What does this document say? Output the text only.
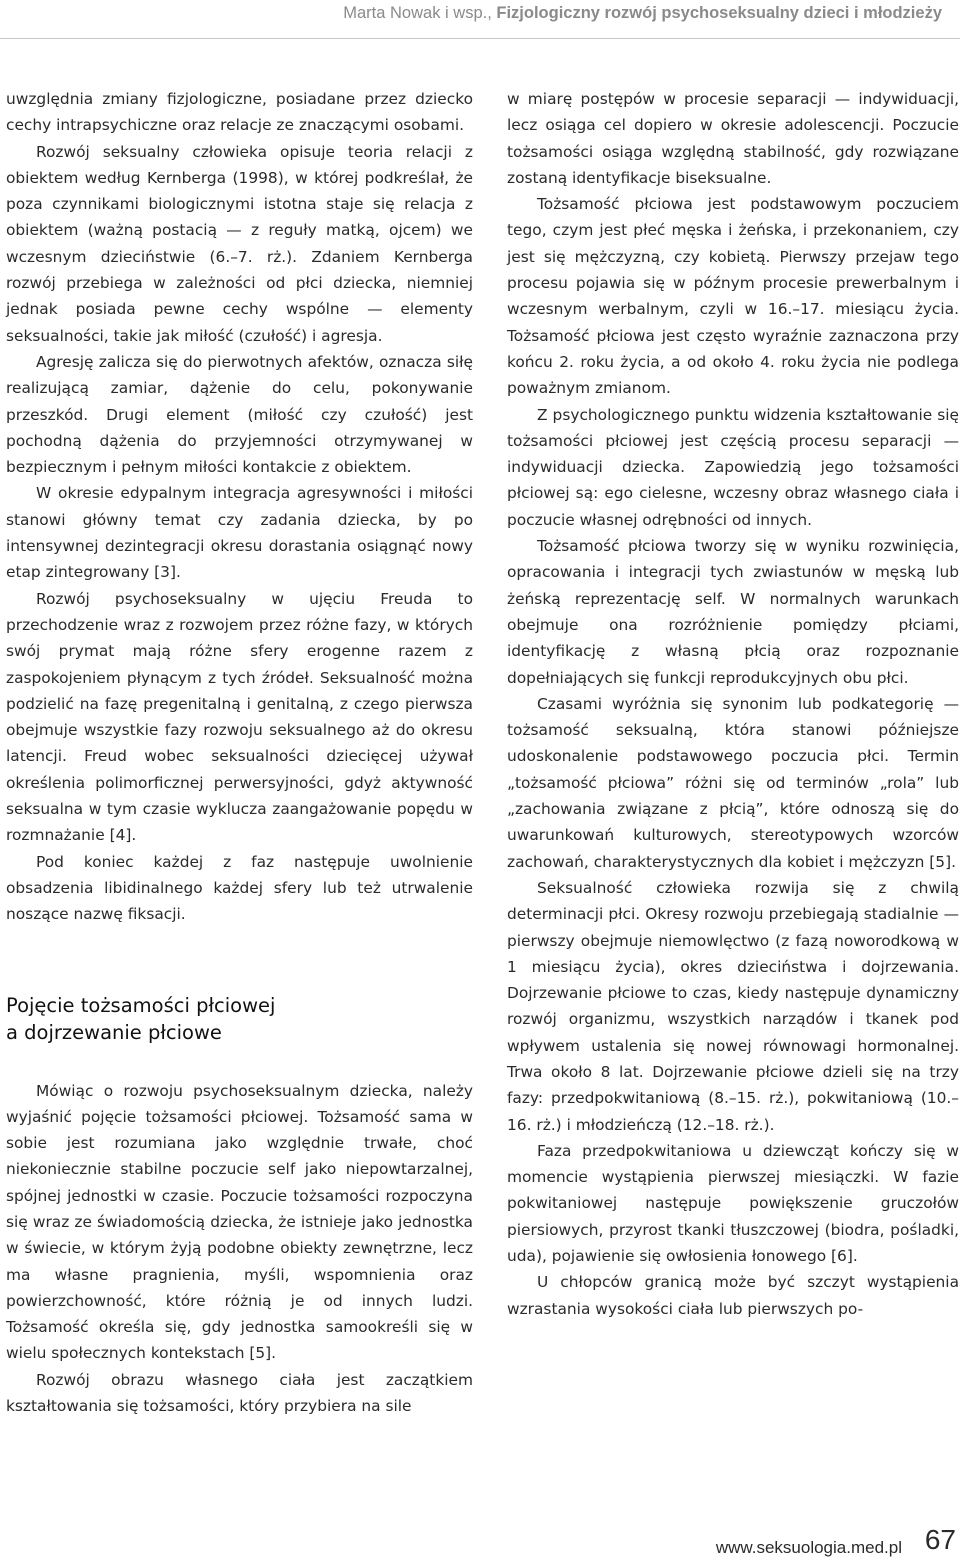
Marta Nowak i wsp., Fizjologiczny rozwój psychoseksualny dzieci i młodzieży

uwzględnia zmiany fizjologiczne, posiadane przez dziecko cechy intrapsychiczne oraz relacje ze znaczącymi osobami.

Rozwój seksualny człowieka opisuje teoria relacji z obiektem według Kernberga (1998), w której podkreślał, że poza czynnikami biologicznymi istotna staje się relacja z obiektem (ważną postacią — z reguły matką, ojcem) we wczesnym dzieciństwie (6.–7. rż.). Zdaniem Kernberga rozwój przebiega w zależności od płci dziecka, niemniej jednak posiada pewne cechy wspólne — elementy seksualności, takie jak miłość (czułość) i agresja.

Agresję zalicza się do pierwotnych afektów, oznacza siłę realizującą zamiar, dążenie do celu, pokonywanie przeszkód. Drugi element (miłość czy czułość) jest pochodną dążenia do przyjemności otrzymywanej w bezpiecznym i pełnym miłości kontakcie z obiektem.

W okresie edypalnym integracja agresywności i miłości stanowi główny temat czy zadania dziecka, by po intensywnej dezintegracji okresu dorastania osiągnąć nowy etap zintegrowany [3].

Rozwój psychoseksualny w ujęciu Freuda to przechodzenie wraz z rozwojem przez różne fazy, w których swój prymat mają różne sfery erogenne razem z zaspokojeniem płynącym z tych źródeł. Seksualność można podzielić na fazę pregenitalną i genitalną, z czego pierwsza obejmuje wszystkie fazy rozwoju seksualnego aż do okresu latencji. Freud wobec seksualności dziecięcej używał określenia polimorficznej perwersyjności, gdyż aktywność seksualna w tym czasie wyklucza zaangażowanie popędu w rozmnażanie [4].

Pod koniec każdej z faz następuje uwolnienie obsadzenia libidinalnego każdej sfery lub też utrwalenie noszące nazwę fiksacji.

Pojęcie tożsamości płciowej
a dojrzewanie płciowe

Mówiąc o rozwoju psychoseksualnym dziecka, należy wyjaśnić pojęcie tożsamości płciowej. Tożsamość sama w sobie jest rozumiana jako względnie trwałe, choć niekoniecznie stabilne poczucie self jako niepowtarzalnej, spójnej jednostki w czasie. Poczucie tożsamości rozpoczyna się wraz ze świadomością dziecka, że istnieje jako jednostka w świecie, w którym żyją podobne obiekty zewnętrzne, lecz ma własne pragnienia, myśli, wspomnienia oraz powierzchowność, które różnią je od innych ludzi. Tożsamość określa się, gdy jednostka samookreśli się w wielu społecznych kontekstach [5].

Rozwój obrazu własnego ciała jest zaczątkiem kształtowania się tożsamości, który przybiera na sile

w miarę postępów w procesie separacji — indywiduacji, lecz osiąga cel dopiero w okresie adolescencji. Poczucie tożsamości osiąga względną stabilność, gdy rozwiązane zostaną identyfikacje biseksualne.

Tożsamość płciowa jest podstawowym poczuciem tego, czym jest płeć męska i żeńska, i przekonaniem, czy jest się mężczyzną, czy kobietą. Pierwszy przejaw tego procesu pojawia się w późnym procesie prewerbalnym i wczesnym werbalnym, czyli w 16.–17. miesiącu życia. Tożsamość płciowa jest często wyraźnie zaznaczona przy końcu 2. roku życia, a od około 4. roku życia nie podlega poważnym zmianom.

Z psychologicznego punktu widzenia kształtowanie się tożsamości płciowej jest częścią procesu separacji — indywiduacji dziecka. Zapowiedzią jego tożsamości płciowej są: ego cielesne, wczesny obraz własnego ciała i poczucie własnej odrębności od innych.

Tożsamość płciowa tworzy się w wyniku rozwinięcia, opracowania i integracji tych zwiastunów w męską lub żeńską reprezentację self. W normalnych warunkach obejmuje ona rozróżnienie pomiędzy płciami, identyfikację z własną płcią oraz rozpoznanie dopełniających się funkcji reprodukcyjnych obu płci.

Czasami wyróżnia się synonim lub podkategorię — tożsamość seksualną, która stanowi późniejsze udoskonalenie podstawowego poczucia płci. Termin „tożsamość płciowa” różni się od terminów „rola” lub „zachowania związane z płcią”, które odnoszą się do uwarunkowań kulturowych, stereotypowych wzorców zachowań, charakterystycznych dla kobiet i mężczyzn [5].

Seksualność człowieka rozwija się z chwilą determinacji płci. Okresy rozwoju przebiegają stadialnie — pierwszy obejmuje niemowlęctwo (z fazą noworodkową w 1 miesiącu życia), okres dzieciństwa i dojrzewania. Dojrzewanie płciowe to czas, kiedy następuje dynamiczny rozwój organizmu, wszystkich narządów i tkanek pod wpływem ustalenia się nowej równowagi hormonalnej. Trwa około 8 lat. Dojrzewanie płciowe dzieli się na trzy fazy: przedpokwitaniową (8.–15. rż.), pokwitaniową (10.–16. rż.) i młodzieńczą (12.–18. rż.).

Faza przedpokwitaniowa u dziewcząt kończy się w momencie wystąpienia pierwszej miesiączki. W fazie pokwitaniowej następuje powiększenie gruczołów piersiowych, przyrost tkanki tłuszczowej (biodra, pośladki, uda), pojawienie się owłosienia łonowego [6].

U chłopców granicą może być szczyt wystąpienia wzrastania wysokości ciała lub pierwszych po-

www.seksuologia.med.pl 67
